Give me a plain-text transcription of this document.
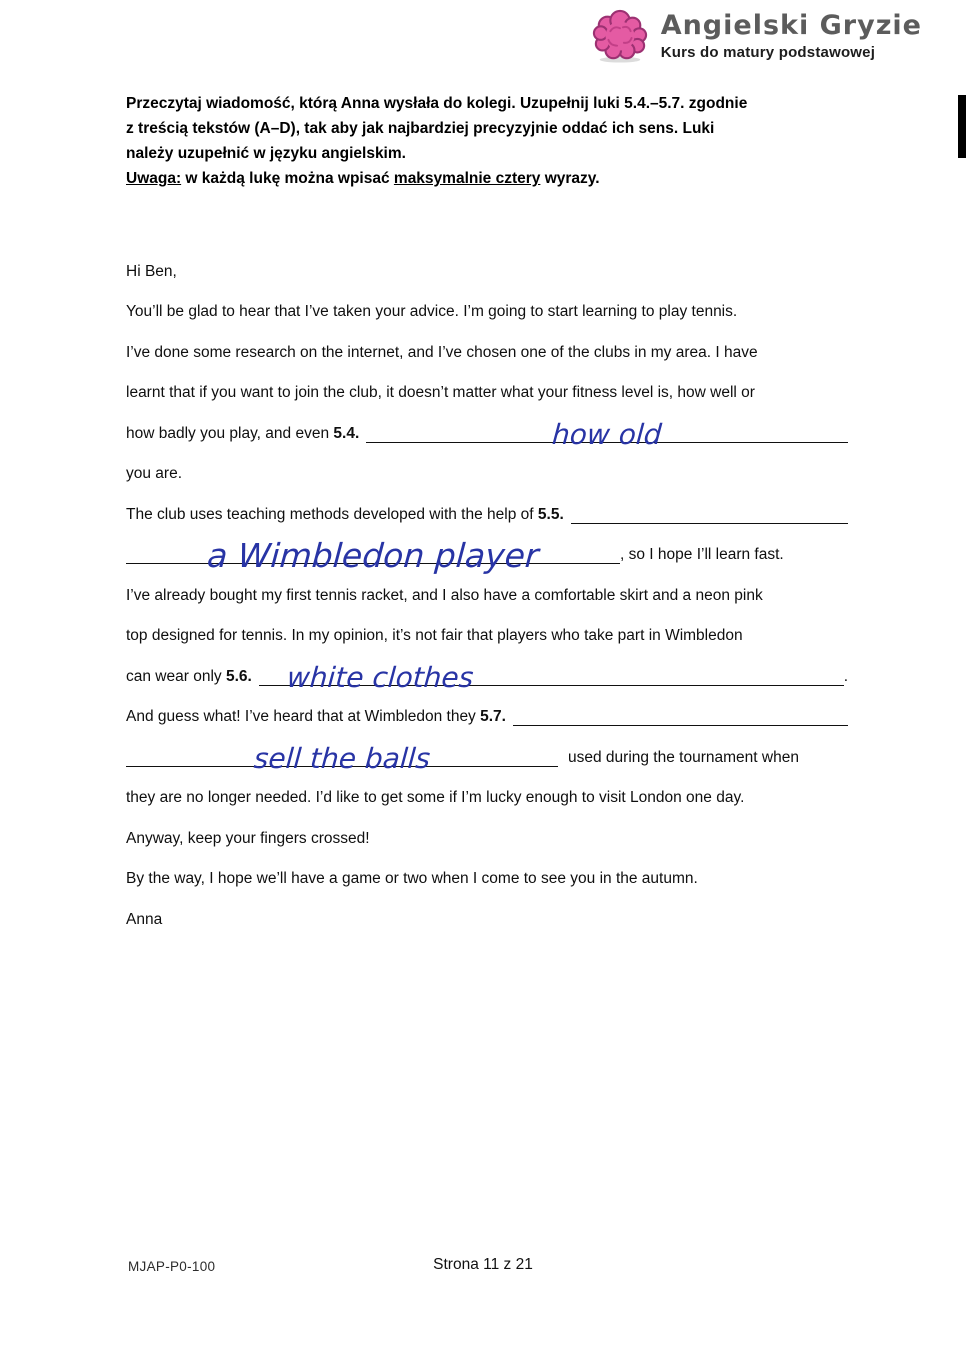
Angielski Gryzie
Kurs do matury podstawowej
Przeczytaj wiadomość, którą Anna wysłała do kolegi. Uzupełnij luki 5.4.–5.7. zgodnie
z treścią tekstów (A–D), tak aby jak najbardziej precyzyjnie oddać ich sens. Luki
należy uzupełnić w języku angielskim.
Uwaga: w każdą lukę można wpisać maksymalnie cztery wyrazy.
Hi Ben,
You’ll be glad to hear that I’ve taken your advice. I’m going to start learning to play tennis.
I’ve done some research on the internet, and I’ve chosen one of the clubs in my area. I have
learnt that if you want to join the club, it doesn’t matter what your fitness level is, how well or
how badly you play, and even 5.4.

	how old

you are.
The club uses teaching methods developed with the help of 5.5.

a Wimbledon player

	, so I hope I’ll learn fast.
I’ve already bought my first tennis racket, and I also have a comfortable skirt and a neon pink
top designed for tennis. In my opinion, it’s not fair that players who take part in Wimbledon
can wear only 5.6.

	white clothes

	.
And guess what! I’ve heard that at Wimbledon they 5.7.

sell the balls

	used during the tournament when
they are no longer needed. I’d like to get some if I’m lucky enough to visit London one day.
Anyway, keep your fingers crossed!
By the way, I hope we’ll have a game or two when I come to see you in the autumn.
Anna
MJAP-P0-100	Strona 11 z 21
